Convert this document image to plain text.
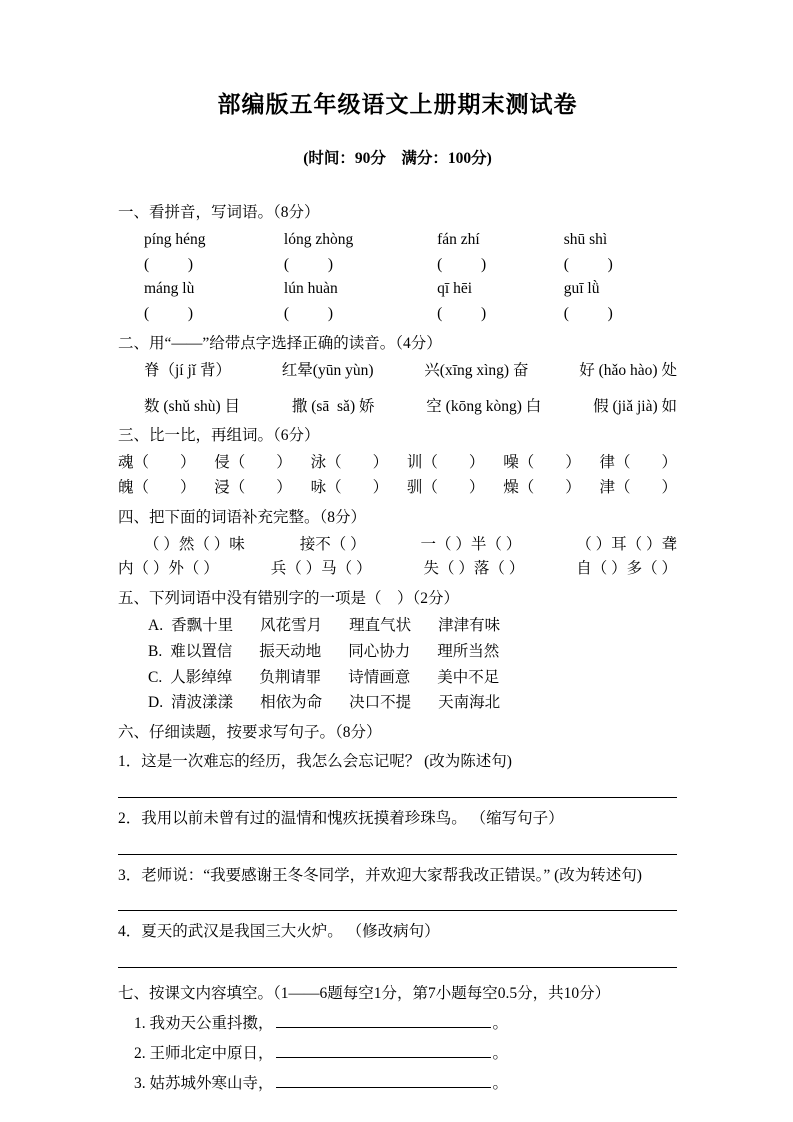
部编版五年级语文上册期末测试卷

(时间：90分　满分：100分)

一、看拼音，写词语。（8分）

píng héng	lóng zhòng	fán zhí	shū shì
(          )	(          )	(          )	(          )
máng lù	lún huàn	qī hēi	guī lǜ
(          )	(          )	(          )	(          )

二、用“——”给带点字选择正确的读音。（4分）

脊（jí jǐ 背）	红晕(yūn yùn)	兴(xīng xìng) 奋	好 (hǎo hào) 处
数 (shǔ shù) 目	撒 (sā  sǎ) 娇	空 (kōng kòng) 白	假 (jiǎ jià) 如

三、比一比，再组词。（6分）

魂（　　） 侵（　　） 泳（　　） 训（　　） 噪（　　） 律（　　）
魄（　　） 浸（　　） 咏（　　） 驯（　　） 燥（　　） 津（　　）

四、把下面的词语补充完整。（8分）

（ ）然（ ）味	接不（ ）	一（ ）半（ ）	（ ）耳（ ）聋
内（ ）外（ ）	兵（ ）马（ ）	失（ ）落（ ）	自（ ）多（ ）

五、下列词语中没有错别字的一项是（　）（2分）

A. 香飘十里 风花雪月 理直气状 津津有味
B. 难以置信 振天动地 同心协力 理所当然
C. 人影绰绰 负荆请罪 诗情画意 美中不足
D. 清波漾漾 相依为命 决口不提 天南海北

六、仔细读题，按要求写句子。（8分）

1．这是一次难忘的经历，我怎么会忘记呢？ (改为陈述句)

2．我用以前未曾有过的温情和愧疚抚摸着珍珠鸟。 （缩写句子）

3．老师说：“我要感谢王冬冬同学，并欢迎大家帮我改正错误。” (改为转述句)

4．夏天的武汉是我国三大火炉。 （修改病句）

七、按课文内容填空。（1——6题每空1分，第7小题每空0.5分，共10分）

1. 我劝天公重抖擞，	。
2. 王师北定中原日，	。
3. 姑苏城外寒山寺，	。
